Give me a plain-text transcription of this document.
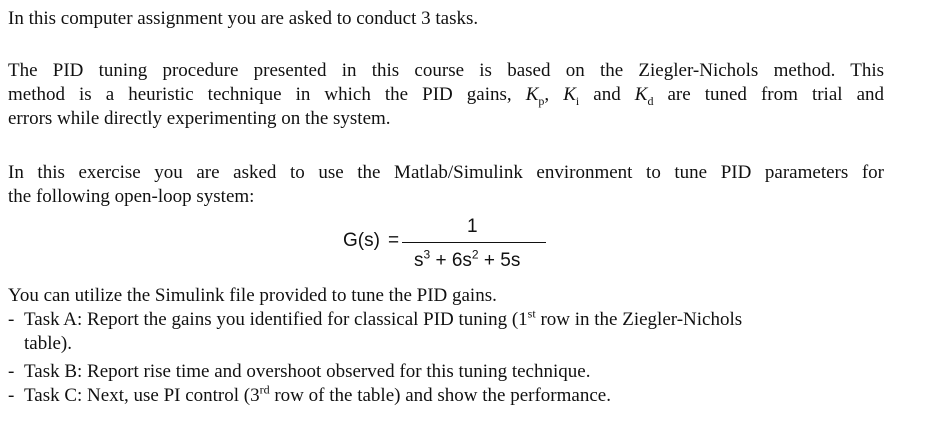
In this computer assignment you are asked to conduct 3 tasks.
The PID tuning procedure presented in this course is based on the Ziegler-Nichols method. This
method is a heuristic technique in which the PID gains, $K_p$, $K_i$ and $K_d$ are tuned from trial and
errors while directly experimenting on the system.
In this exercise you are asked to use the Matlab/Simulink environment to tune PID parameters for
the following open-loop system:
G(s) =
1
$s^3 + 6s^2 + 5s$
You can utilize the Simulink file provided to tune the PID gains.
- Task A: Report the gains you identified for classical PID tuning (1st row in the Ziegler-Nichols
table).
- Task B: Report rise time and overshoot observed for this tuning technique.
- Task C: Next, use PI control (3rd row of the table) and show the performance.
